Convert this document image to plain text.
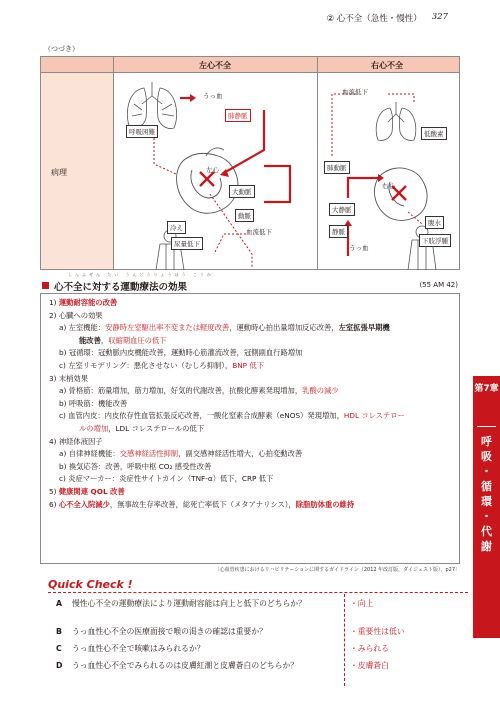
② 心不全（急性・慢性） 327
（つづき）
左心不全	右心不全
病理
うっ血
肺静脈
呼吸困難
左心
大動脈
動脈
冷え	血流低下
尿量低下
血流低下
肺動脈
低酸素
右心
大静脈
静脈
うっ血
腹水
下肢浮腫
しんふぜん たい うんどうりょうほう こうか
心不全に対する運動療法の効果	(55 AM 42)
1) 運動耐容能の改善
2) 心臓への効果
a) 左室機能：安静時左室駆出率不変または軽度改善，運動時心拍出量増加反応改善，左室拡張早期機
能改善，収縮期血圧の低下
b) 冠循環：冠動脈内皮機能改善，運動時心筋灌流改善，冠側副血行路増加
c) 左室リモデリング：悪化させない（むしろ抑制），BNP 低下
3) 末梢効果
a) 骨格筋：筋量増加，筋力増加，好気的代謝改善，抗酸化酵素発現増加，乳酸の減少
b) 呼吸筋：機能改善
c) 血管内皮：内皮依存性血管拡張反応改善，一酸化窒素合成酵素（eNOS）発現増加，HDL コレステロー
ルの増加，LDL コレステロールの低下
4) 神経体液因子
a) 自律神経機能：交感神経活性抑制，副交感神経活性増大，心拍変動改善
b) 換気応答：改善，呼吸中枢 CO₂ 感受性改善
c) 炎症マーカー：炎症性サイトカイン（TNF-α）低下，CRP 低下
5) 健康関連 QOL 改善
6) 心不全入院減少，無事故生存率改善，総死亡率低下（メタアナリシス），除脂肪体重の維持
〔心血管疾患におけるリハビリテーションに関するガイドライン（2012 年改訂版，ダイジェスト版），p27〕
第7章
呼
吸
・
循
環
・
代
謝
Quick Check !
A 慢性心不全の運動療法により運動耐容能は向上と低下のどちらか？	・向上
B うっ血性心不全の医療面接で喉の渇きの確認は重要か？	・重要性は低い
C うっ血性心不全で咳嗽はみられるか？	・みられる
D うっ血性心不全でみられるのは皮膚紅潮と皮膚蒼白のどちらか？	・皮膚蒼白
